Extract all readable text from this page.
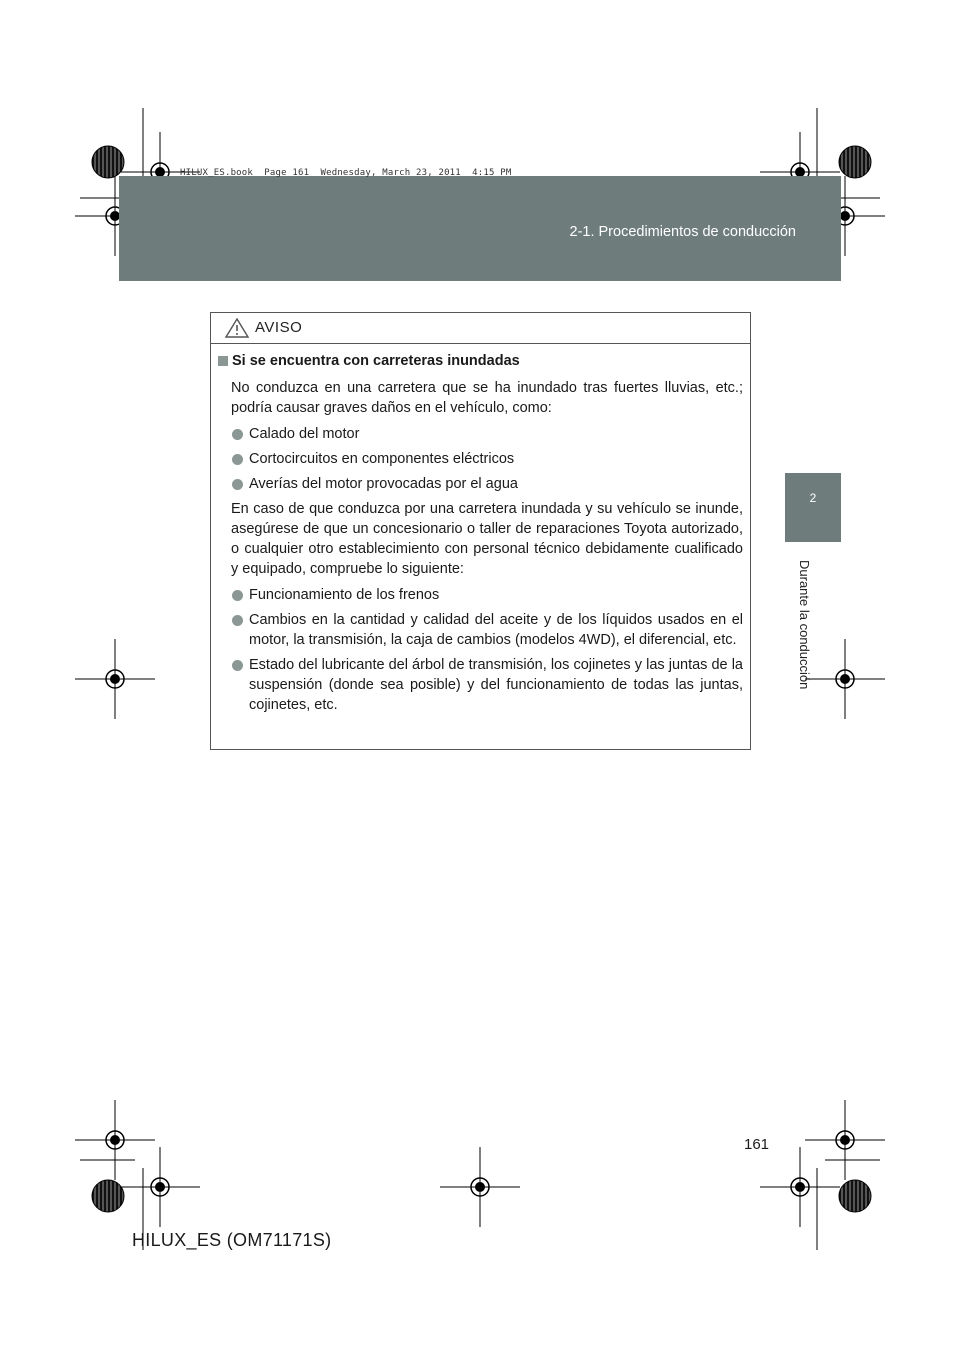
HILUX_ES.book  Page 161  Wednesday, March 23, 2011  4:15 PM
2-1. Procedimientos de conducción
2
Durante la conducción
AVISO
Si se encuentra con carreteras inundadas
No conduzca en una carretera que se ha inundado tras fuertes lluvias, etc.; podría causar graves daños en el vehículo, como:
Calado del motor
Cortocircuitos en componentes eléctricos
Averías del motor provocadas por el agua
En caso de que conduzca por una carretera inundada y su vehículo se inunde, asegúrese de que un concesionario o taller de reparaciones Toyota autorizado, o cualquier otro establecimiento con personal técnico debidamente cualificado y equipado, compruebe lo siguiente:
Funcionamiento de los frenos
Cambios en la cantidad y calidad del aceite y de los líquidos usados en el motor, la transmisión, la caja de cambios (modelos 4WD), el diferencial, etc.
Estado del lubricante del árbol de transmisión, los cojinetes y las juntas de la suspensión (donde sea posible) y del funcionamiento de todas las juntas, cojinetes, etc.
161
HILUX_ES (OM71171S)
